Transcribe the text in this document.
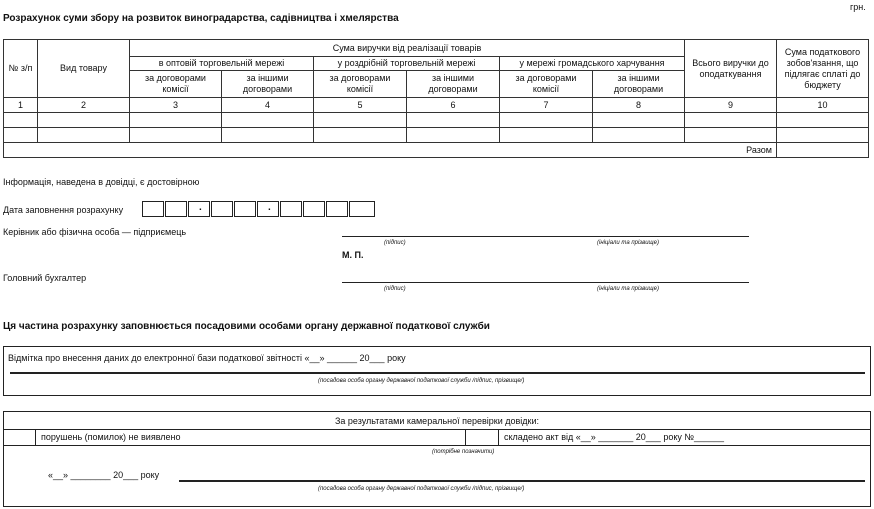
грн.
Розрахунок суми збору на розвиток виноградарства, садівництва і хмелярства
№ з/п	Вид товару	Сума виручки від реалізації товарів						Всього виручки до оподаткування	Сума податкового зобов'язання, що підлягає сплаті до бюджету
		в оптовій торговельній мережі		у роздрібній торговельній мережі		у мережі громадського харчування			
		за договорами комісії	за іншими договорами	за договорами комісії	за іншими договорами	за договорами комісії	за іншими договорами		
1	2	3	4	5	6	7	8	9	10

Разом									
Інформація, наведена в довідці, є достовірною
Дата заповнення розрахунку	.	.
Керівник або фізична особа — підприємець
(підпис)	(ініціали та прізвище)
М. П.
Головний бухгалтер
(підпис)	(ініціали та прізвище)
Ця частина розрахунку заповнюється посадовими особами органу державної податкової служби
Відмітка про внесення даних до електронної бази податкової звітності «__» ______ 20___ року
(посадова особа органу державної податкової служби /підпис, прізвище/)
За результатами камеральної перевірки довідки:
порушень (помилок) не виявлено	складено акт від «__» _______ 20___ року №______
(потрібне позначити)
«__» ________ 20___ року
(посадова особа органу державної податкової служби /підпис, прізвище/)
